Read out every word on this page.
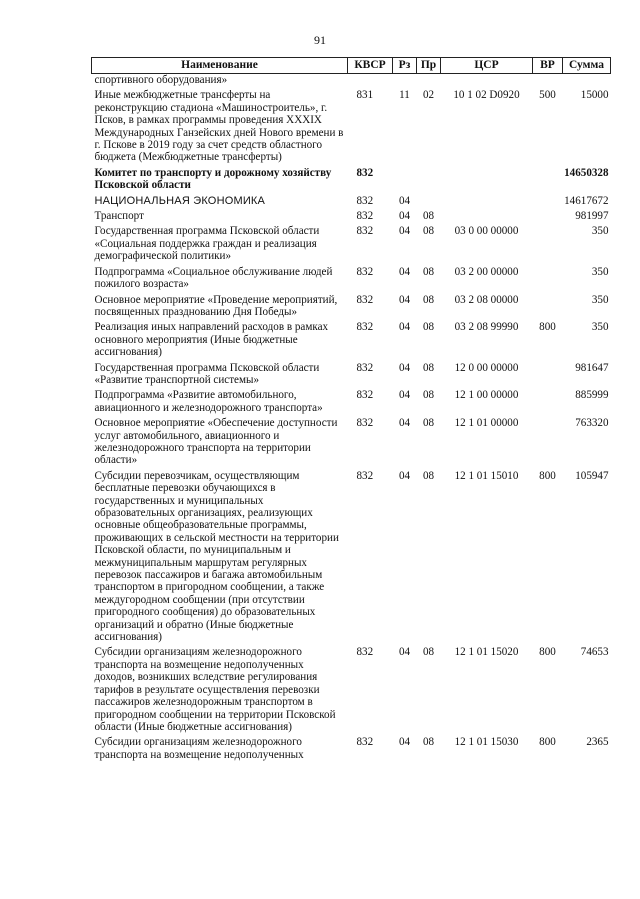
91
Наименование	КВСР	Рз	Пр	ЦСР	ВР	Сумма
спортивного оборудования»						
Иные межбюджетные трансферты на реконструкцию стадиона «Машиностроитель», г. Псков, в рамках программы проведения XXXIX Международных Ганзейских дней Нового времени в г. Пскове в 2019 году за счет средств областного бюджета (Межбюджетные трансферты)	831	11	02	10 1 02 D0920	500	15000
Комитет по транспорту и дорожному хозяйству Псковской области	832					14650328
НАЦИОНАЛЬНАЯ ЭКОНОМИКА	832	04				14617672
Транспорт	832	04	08			981997
Государственная программа Псковской области «Социальная поддержка граждан и реализация демографической политики»	832	04	08	03 0 00 00000		350
Подпрограмма «Социальное обслуживание людей пожилого возраста»	832	04	08	03 2 00 00000		350
Основное мероприятие «Проведение мероприятий, посвященных празднованию Дня Победы»	832	04	08	03 2 08 00000		350
Реализация иных направлений расходов в рамках основного мероприятия (Иные бюджетные ассигнования)	832	04	08	03 2 08 99990	800	350
Государственная программа Псковской области «Развитие транспортной системы»	832	04	08	12 0 00 00000		981647
Подпрограмма «Развитие автомобильного, авиационного и железнодорожного транспорта»	832	04	08	12 1 00 00000		885999
Основное мероприятие «Обеспечение доступности услуг автомобильного, авиационного и железнодорожного транспорта на территории области»	832	04	08	12 1 01 00000		763320
Субсидии перевозчикам, осуществляющим бесплатные перевозки обучающихся в государственных и муниципальных образовательных организациях, реализующих основные общеобразовательные программы, проживающих в сельской местности на территории Псковской области, по муниципальным и межмуниципальным маршрутам регулярных перевозок пассажиров и багажа автомобильным транспортом в пригородном сообщении, а также междугородном сообщении (при отсутствии пригородного сообщения) до образовательных организаций и обратно (Иные бюджетные ассигнования)	832	04	08	12 1 01 15010	800	105947
Субсидии организациям железнодорожного транспорта на возмещение недополученных доходов, возникших вследствие регулирования тарифов в результате осуществления перевозки пассажиров железнодорожным транспортом в пригородном сообщении на территории Псковской области (Иные бюджетные ассигнования)	832	04	08	12 1 01 15020	800	74653
Субсидии организациям железнодорожного транспорта на возмещение недополученных	832	04	08	12 1 01 15030	800	2365
